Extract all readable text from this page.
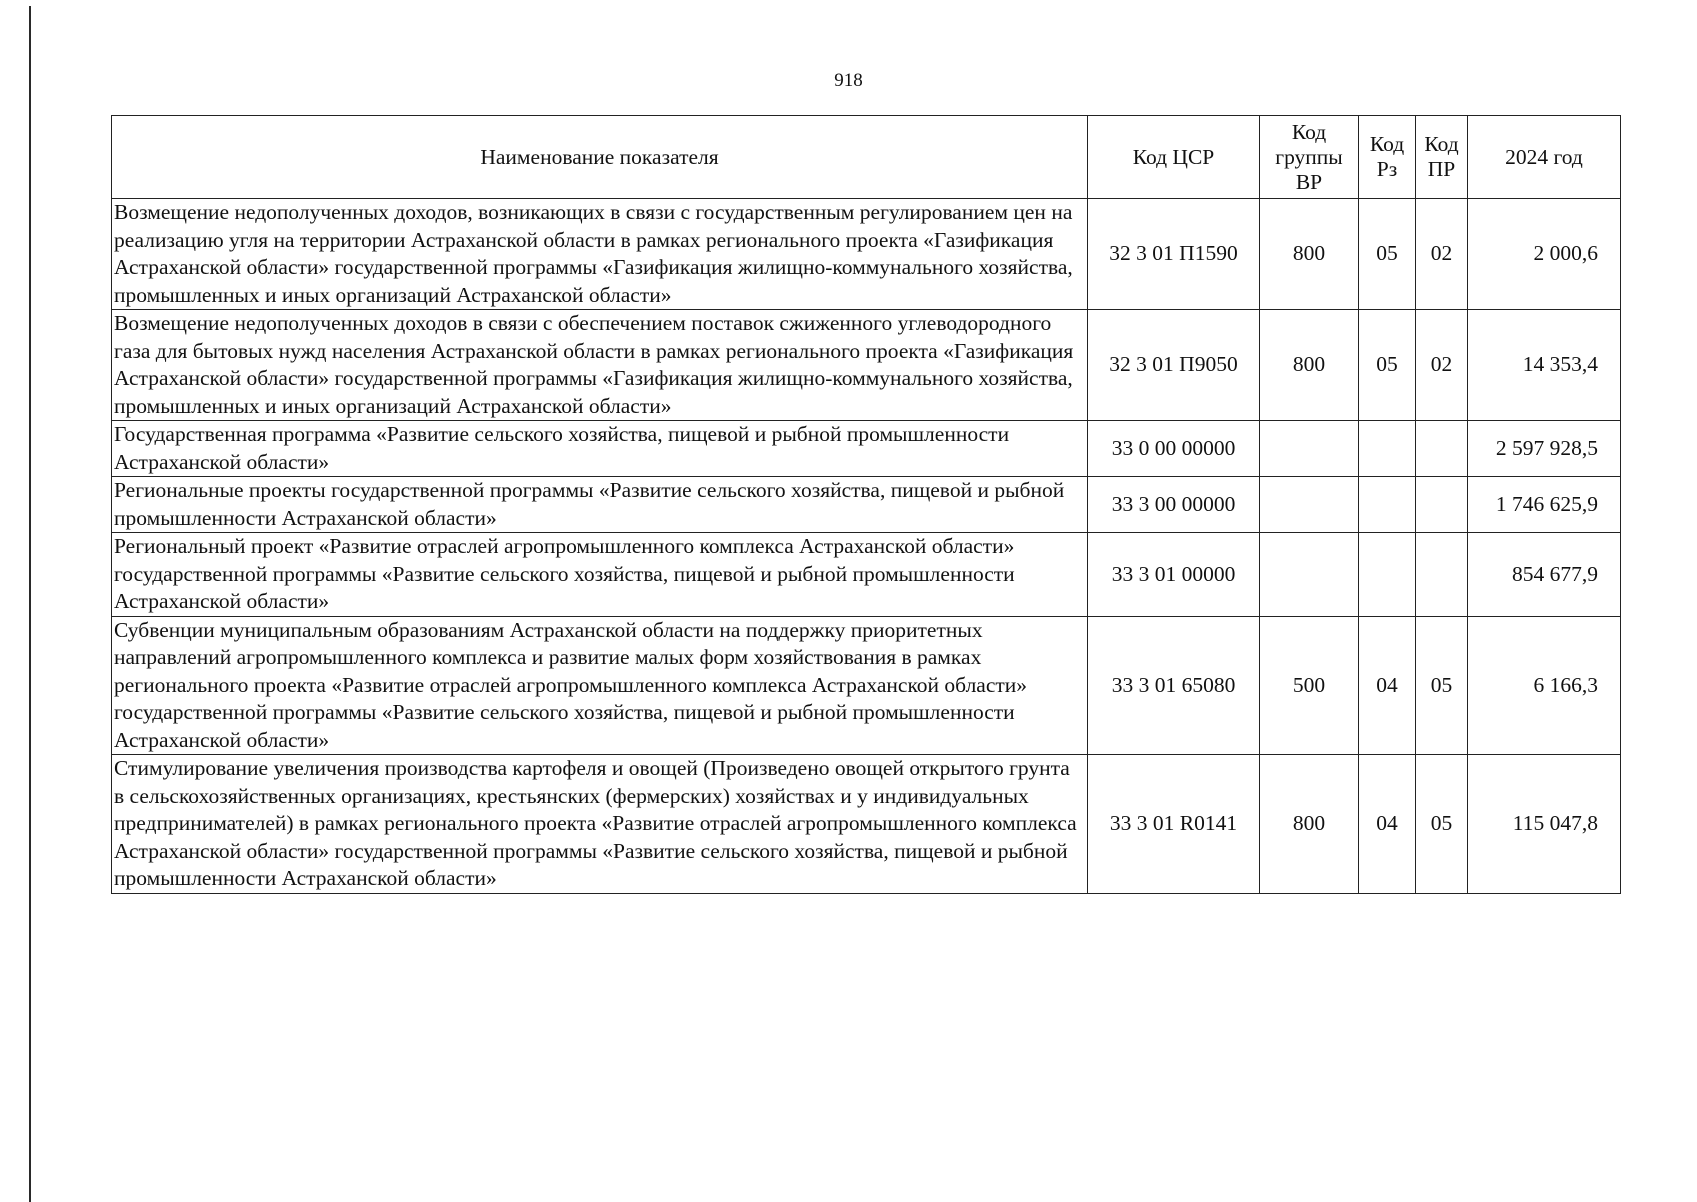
918
Наименование показателя	Код ЦСР	Код группы ВР	Код Рз	Код ПР	2024 год
Возмещение недополученных доходов, возникающих в связи с государственным регулированием цен на реализацию угля на территории Астраханской области в рамках регионального проекта «Газификация Астраханской области» государственной программы «Газификация жилищно-коммунального хозяйства, промышленных и иных организаций Астраханской области»	32 3 01 П1590	800	05	02	2 000,6
Возмещение недополученных доходов в связи с обеспечением поставок сжиженного углеводородного газа для бытовых нужд населения Астраханской области в рамках регионального проекта «Газификация Астраханской области» государственной программы «Газификация жилищно-коммунального хозяйства, промышленных и иных организаций Астраханской области»	32 3 01 П9050	800	05	02	14 353,4
Государственная программа «Развитие сельского хозяйства, пищевой и рыбной промышленности Астраханской области»	33 0 00 00000				2 597 928,5
Региональные проекты государственной программы «Развитие сельского хозяйства, пищевой и рыбной промышленности Астраханской области»	33 3 00 00000				1 746 625,9
Региональный проект «Развитие отраслей агропромышленного комплекса Астраханской области» государственной программы «Развитие сельского хозяйства, пищевой и рыбной промышленности Астраханской области»	33 3 01 00000				854 677,9
Субвенции муниципальным образованиям Астраханской области на поддержку приоритетных направлений агропромышленного комплекса и развитие малых форм хозяйствования в рамках регионального проекта «Развитие отраслей агропромышленного комплекса Астраханской области» государственной программы «Развитие сельского хозяйства, пищевой и рыбной промышленности Астраханской области»	33 3 01 65080	500	04	05	6 166,3
Стимулирование увеличения производства картофеля и овощей (Произведено овощей открытого грунта в сельскохозяйственных организациях, крестьянских (фермерских) хозяйствах и у индивидуальных предпринимателей) в рамках регионального проекта «Развитие отраслей агропромышленного комплекса Астраханской области» государственной программы «Развитие сельского хозяйства, пищевой и рыбной промышленности Астраханской области»	33 3 01 R0141	800	04	05	115 047,8
